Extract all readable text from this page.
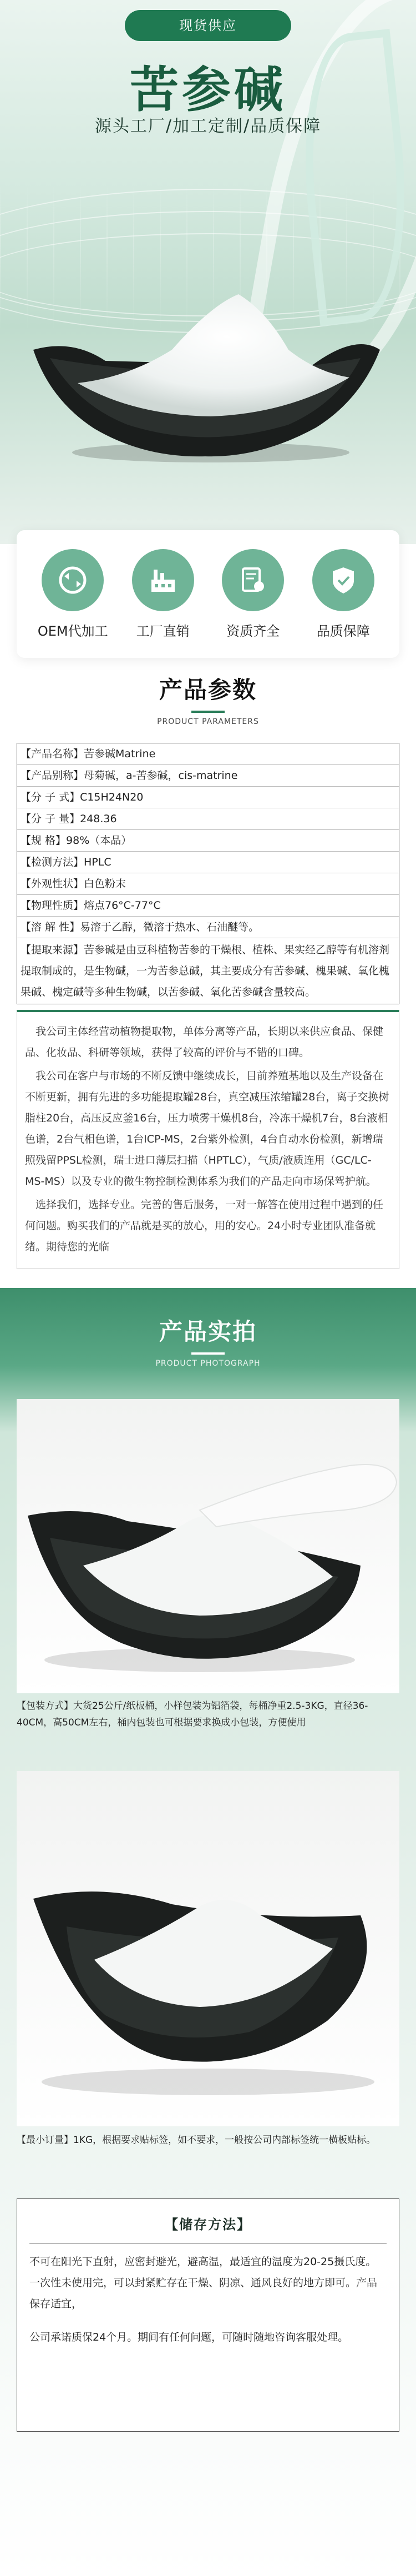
现货供应
苦参碱
源头工厂/加工定制/品质保障
OEM代加工	工厂直销	资质齐全	品质保障
产品参数
PRODUCT PARAMETERS
【产品名称】苦参碱Matrine
【产品别称】母菊碱，a-苦参碱，cis-matrine
【分 子 式】C15H24N20
【分 子 量】248.36
【规 格】98%（本品）
【检测方法】HPLC
【外观性状】白色粉末
【物理性质】熔点76°C-77°C
【溶 解 性】易溶于乙醇，微溶于热水、石油醚等。
【提取来源】苦参碱是由豆科植物苦参的干燥根、植株、果实经乙醇等有机溶剂提取制成的，是生物碱，一为苦参总碱，其主要成分有苦参碱、槐果碱、氧化槐果碱、槐定碱等多种生物碱，以苦参碱、氧化苦参碱含量较高。

我公司主体经营动植物提取物，单体分离等产品，长期以来供应食品、保健品、化妆品、科研等领域，获得了较高的评价与不错的口碑。

我公司在客户与市场的不断反馈中继续成长，目前养殖基地以及生产设备在不断更新，拥有先进的多功能提取罐28台，真空减压浓缩罐28台，离子交换树脂柱20台，高压反应釜16台，压力喷雾干燥机8台，冷冻干燥机7台，8台液相色谱，2台气相色谱，1台ICP-MS，2台紫外检测，4台自动水份检测，新增瑞照残留PPSL检测，瑞士进口薄层扫描（HPTLC），气质/液质连用（GC/LC-MS-MS）以及专业的微生物控制检测体系为我们的产品走向市场保驾护航。

选择我们，选择专业。完善的售后服务，一对一解答在使用过程中遇到的任何问题。购买我们的产品就是买的放心，用的安心。24小时专业团队准备就绪。期待您的光临

产品实拍
PRODUCT PHOTOGRAPH
【包装方式】大货25公斤/纸板桶，小样包装为铝箔袋，每桶净重2.5-3KG，直径36-40CM，高50CM左右，桶内包装也可根据要求换成小包装，方便使用
【最小订量】1KG，根据要求贴标签，如不要求，一般按公司内部标签统一横板贴标。
【储存方法】

不可在阳光下直射，应密封避光，避高温，最适宜的温度为20-25摄氏度。一次性未使用完，可以封紧贮存在干燥、阴凉、通风良好的地方即可。产品保存适宜，

公司承诺质保24个月。期间有任何问题，可随时随地咨询客服处理。
